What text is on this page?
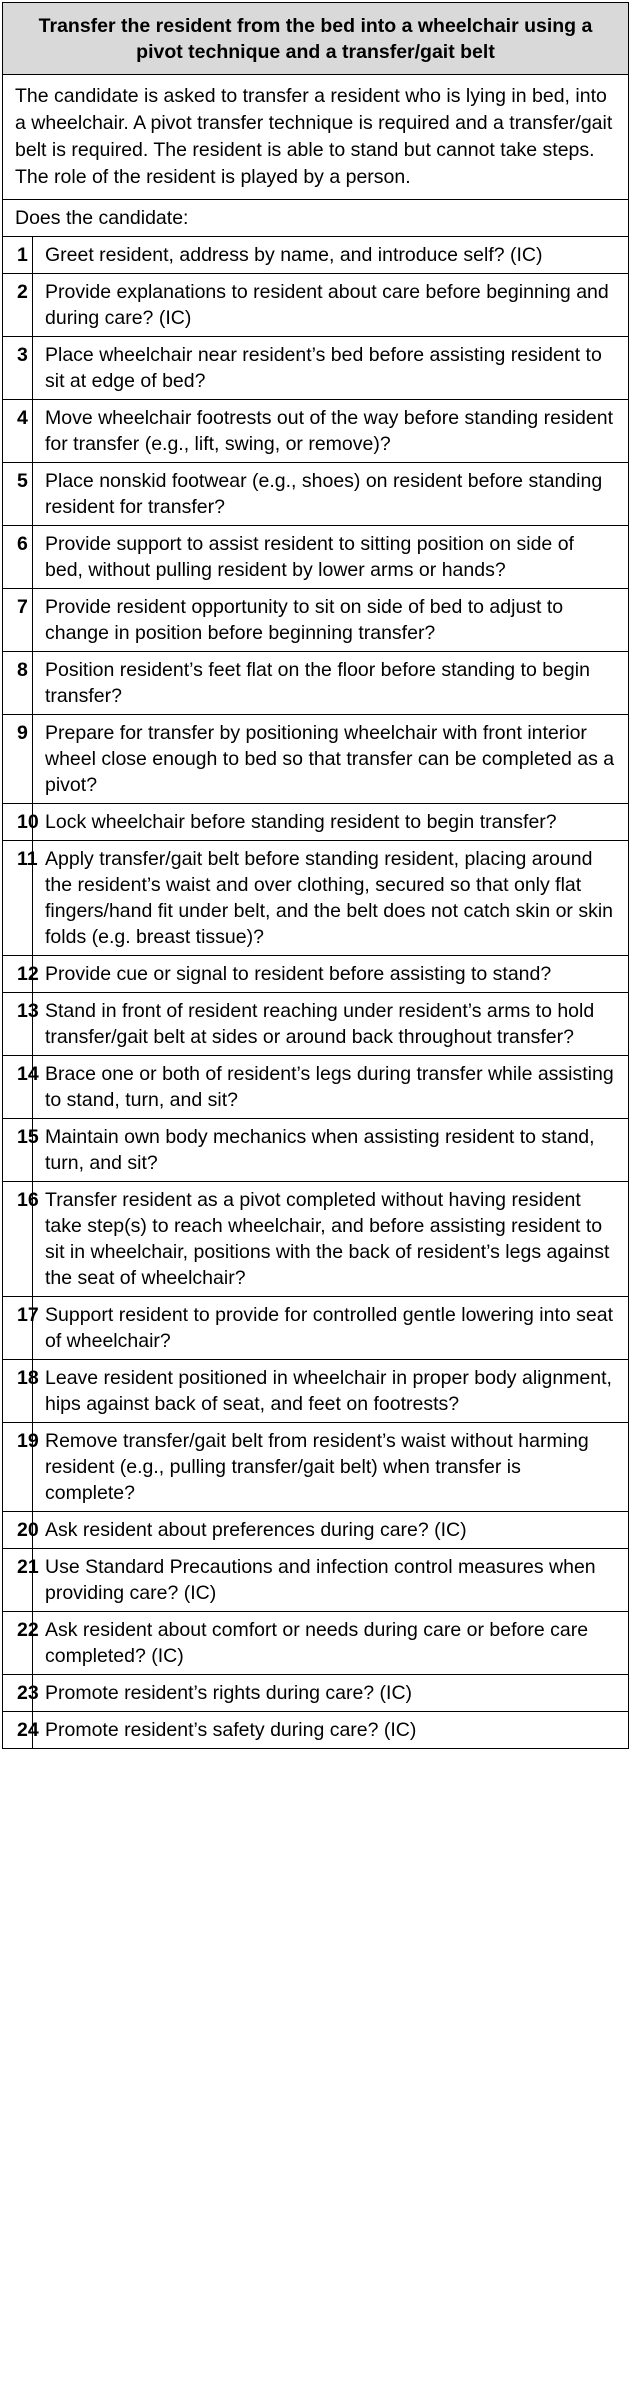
Transfer the resident from the bed into a wheelchair using a pivot technique and a transfer/gait belt	
The candidate is asked to transfer a resident who is lying in bed, into a wheelchair. A pivot transfer technique is required and a transfer/gait belt is required. The resident is able to stand but cannot take steps. The role of the resident is played by a person.	
Does the candidate:	
1	Greet resident, address by name, and introduce self? (IC)
2	Provide explanations to resident about care before beginning and during care? (IC)
3	Place wheelchair near resident’s bed before assisting resident to sit at edge of bed?
4	Move wheelchair footrests out of the way before standing resident for transfer (e.g., lift, swing, or remove)?
5	Place nonskid footwear (e.g., shoes) on resident before standing resident for transfer?
6	Provide support to assist resident to sitting position on side of bed, without pulling resident by lower arms or hands?
7	Provide resident opportunity to sit on side of bed to adjust to change in position before beginning transfer?
8	Position resident’s feet flat on the floor before standing to begin transfer?
9	Prepare for transfer by positioning wheelchair with front interior wheel close enough to bed so that transfer can be completed as a pivot?
10	Lock wheelchair before standing resident to begin transfer?
11	Apply transfer/gait belt before standing resident, placing around the resident’s waist and over clothing, secured so that only flat fingers/hand fit under belt, and the belt does not catch skin or skin folds (e.g. breast tissue)?
12	Provide cue or signal to resident before assisting to stand?
13	Stand in front of resident reaching under resident’s arms to hold transfer/gait belt at sides or around back throughout transfer?
14	Brace one or both of resident’s legs during transfer while assisting to stand, turn, and sit?
15	Maintain own body mechanics when assisting resident to stand, turn, and sit?
16	Transfer resident as a pivot completed without having resident take step(s) to reach wheelchair, and before assisting resident to sit in wheelchair, positions with the back of resident’s legs against the seat of wheelchair?
17	Support resident to provide for controlled gentle lowering into seat of wheelchair?
18	Leave resident positioned in wheelchair in proper body alignment, hips against back of seat, and feet on footrests?
19	Remove transfer/gait belt from resident’s waist without harming resident (e.g., pulling transfer/gait belt) when transfer is complete?
20	Ask resident about preferences during care? (IC)
21	Use Standard Precautions and infection control measures when providing care? (IC)
22	Ask resident about comfort or needs during care or before care completed? (IC)
23	Promote resident’s rights during care? (IC)
24	Promote resident’s safety during care? (IC)
